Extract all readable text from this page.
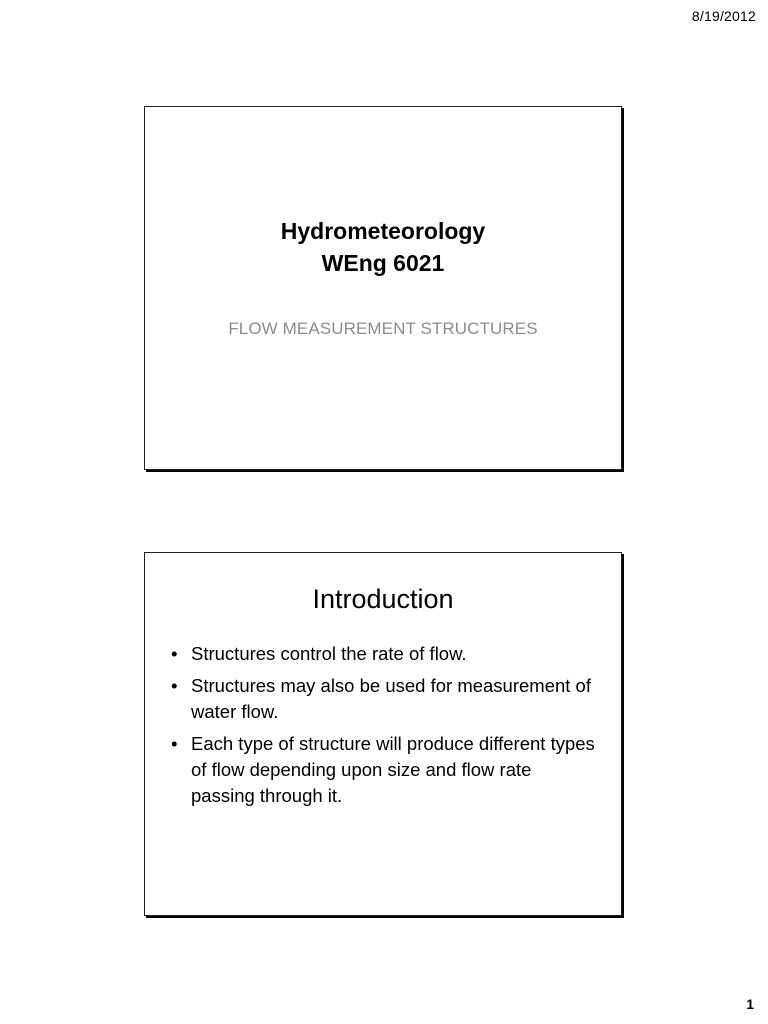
8/19/2012
Hydrometeorology
WEng 6021
FLOW MEASUREMENT STRUCTURES
Introduction
• Structures control the rate of flow.
• Structures may also be used for measurement of water flow.
• Each type of structure will produce different types of flow depending upon size and flow rate passing through it.
1
